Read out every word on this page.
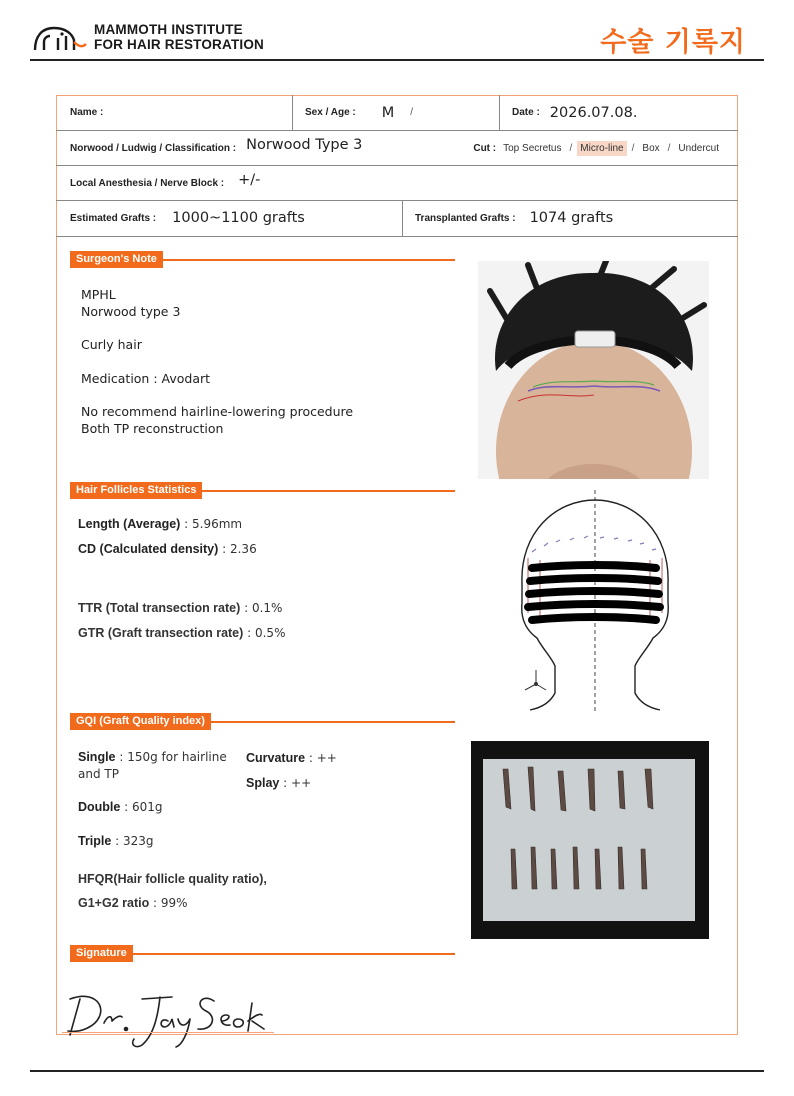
MAMMOTH INSTITUTE
FOR HAIR RESTORATION	수술 기록지
Name :	Sex / Age : M /	Date : 2026.07.08.
Norwood / Ludwig / Classification : Norwood Type 3	Cut : Top Secretus / Micro-line / Box / Undercut
Local Anesthesia / Nerve Block : +/-
Estimated Grafts : 1000~1100 grafts	Transplanted Grafts : 1074 grafts
Surgeon's Note
MPHL
Norwood type 3
Curly hair
Medication : Avodart
No recommend hairline-lowering procedure
Both TP reconstruction
Hair Follicles Statistics
Length (Average) : 5.96mm
CD (Calculated density) : 2.36
TTR (Total transection rate) : 0.1%
GTR (Graft transection rate) : 0.5%
GQI (Graft Quality index)
Single : 150g for hairline
and TP
Double : 601g
Triple : 323g
Curvature : ++
Splay : ++
HFQR(Hair follicle quality ratio),
G1+G2 ratio : 99%
Signature
